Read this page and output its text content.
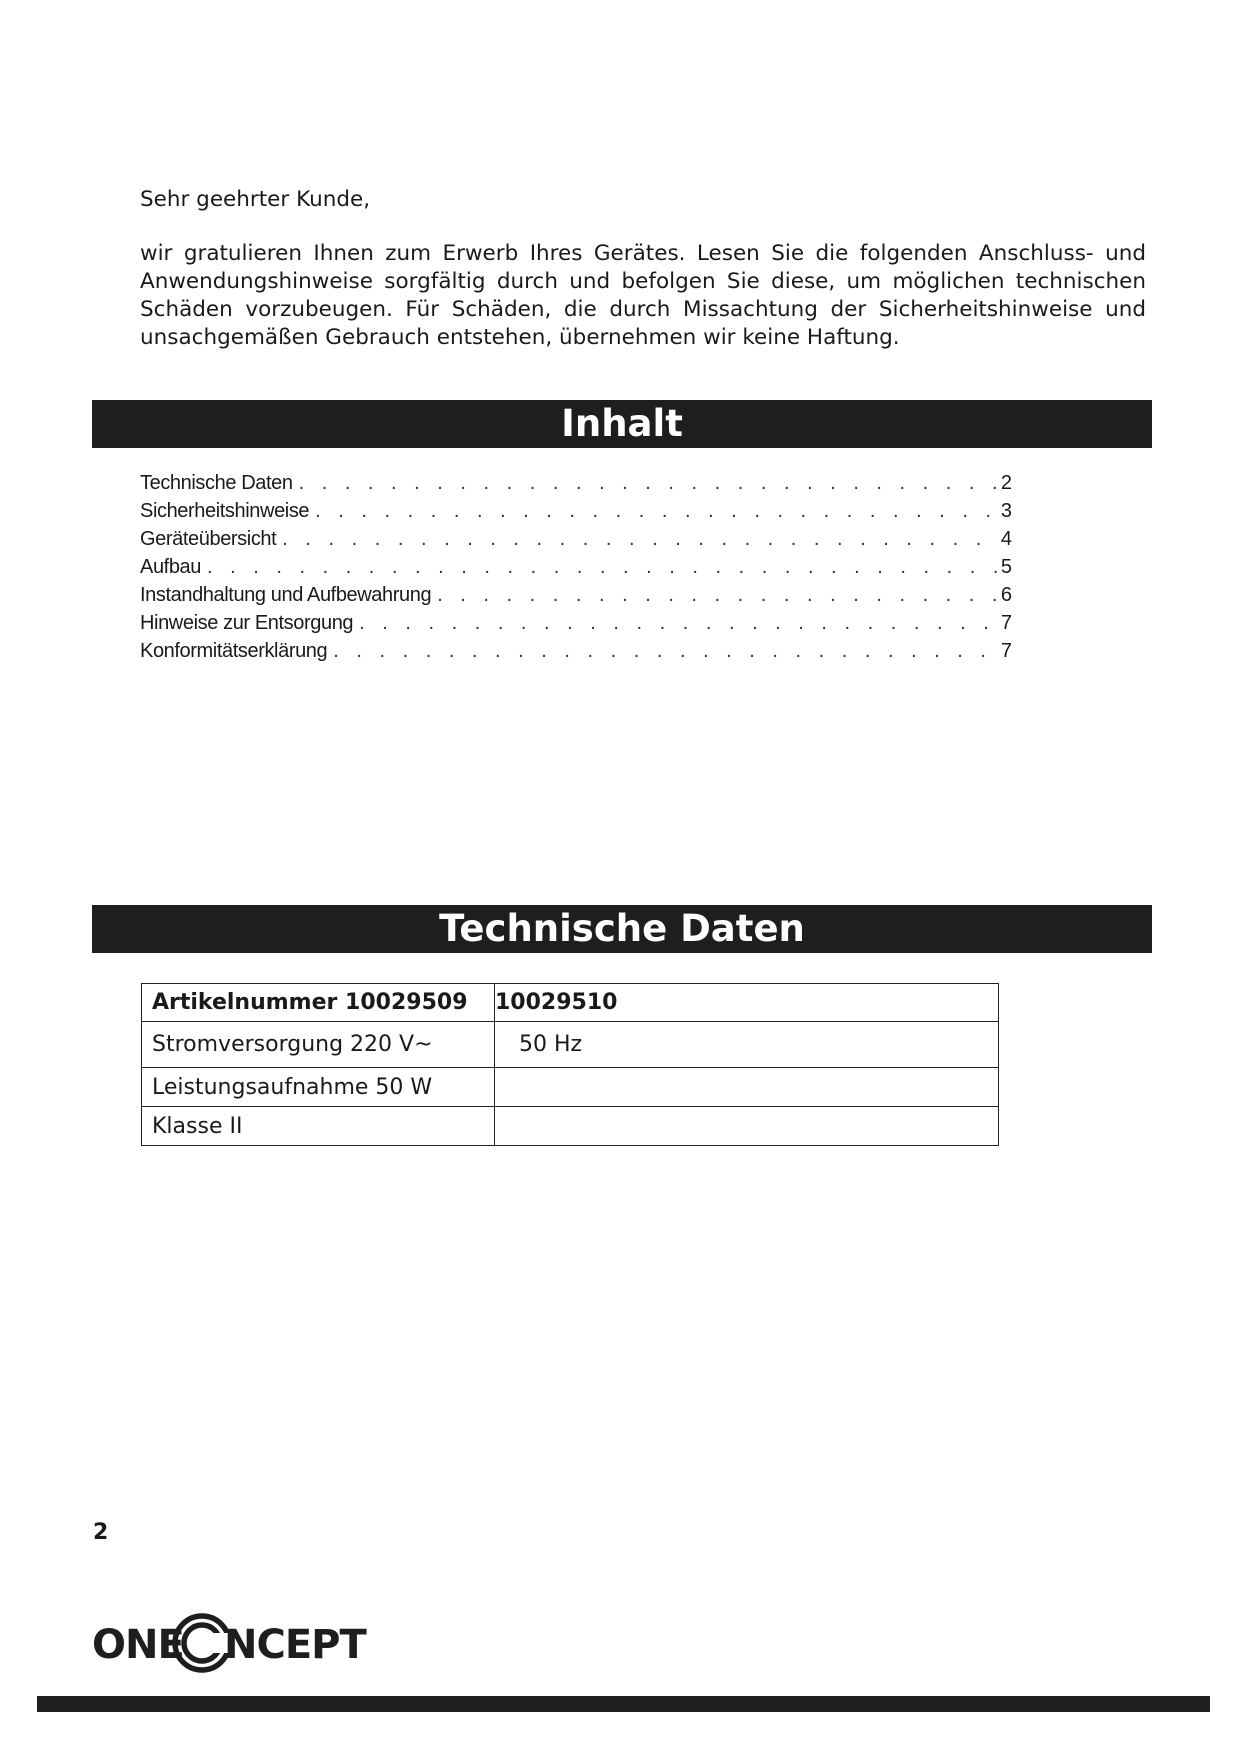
Sehr geehrter Kunde,

wir gratulieren Ihnen zum Erwerb Ihres Gerätes. Lesen Sie die folgenden Anschluss- und Anwendungshinweise sorgfältig durch und befolgen Sie diese, um möglichen technischen Schäden vorzubeugen. Für Schäden, die durch Missachtung der Sicherheitshinweise und unsachgemäßen Gebrauch entstehen, übernehmen wir keine Haftung.

Inhalt
Technische Daten . . .	2
Sicherheitshinweise . . .	3
Geräteübersicht . . .	4
Aufbau . . .	5
Instandhaltung und Aufbewahrung . . .	6
Hinweise zur Entsorgung . . .	7
Konformitätserklärung . . .	7
Technische Daten
Artikelnummer 10029509	10029510
Stromversorgung 220 V~	50 Hz
Leistungsaufnahme 50 W	
Klasse II	
2
ONE NCEPT
